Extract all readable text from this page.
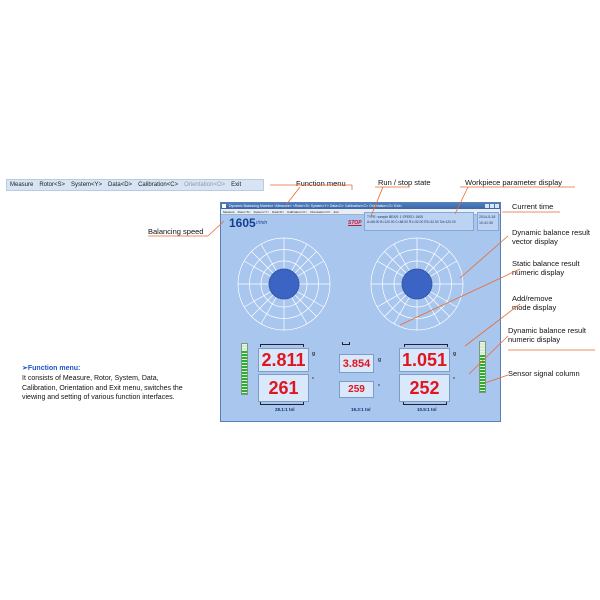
Measure Rotor<S> System<Y> Data<D> Calibration<C> Orientation<O> Exit	Function menu	Run / stop state	Workpiece parameter display
Current time
Balancing speed	Dynamic balance result vector display
Static balance result numeric display
Add/remove mode display
Dynamic balance result numeric display
Sensor signal column
Dynamic Balancing Machine <Measure> <Rotor<S> System<Y> Data<D> Calibration<C> Orientation<O> Exit>
Measure Rotor<S> System<Y> Data<D> Calibration<C> Orientation<O> Exit
1605 r/min	STOP
TYPE: sample BEAR: 1 SPEED: 1605
A=68.00 B=120.00 C=68.00 R1=32.00 R2=32.00 Tol=120.00
2014-5-18
10:41:30
2.811	g
261	°
28.1:1 tol
3.854	g
259	°
19.3:1 tol
1.051	g
252	°
10.5:1 tol
➢Function menu:
It consists of Measure, Rotor, System, Data, Calibration, Orientation and Exit menu, switches the viewing and setting of various function interfaces.
